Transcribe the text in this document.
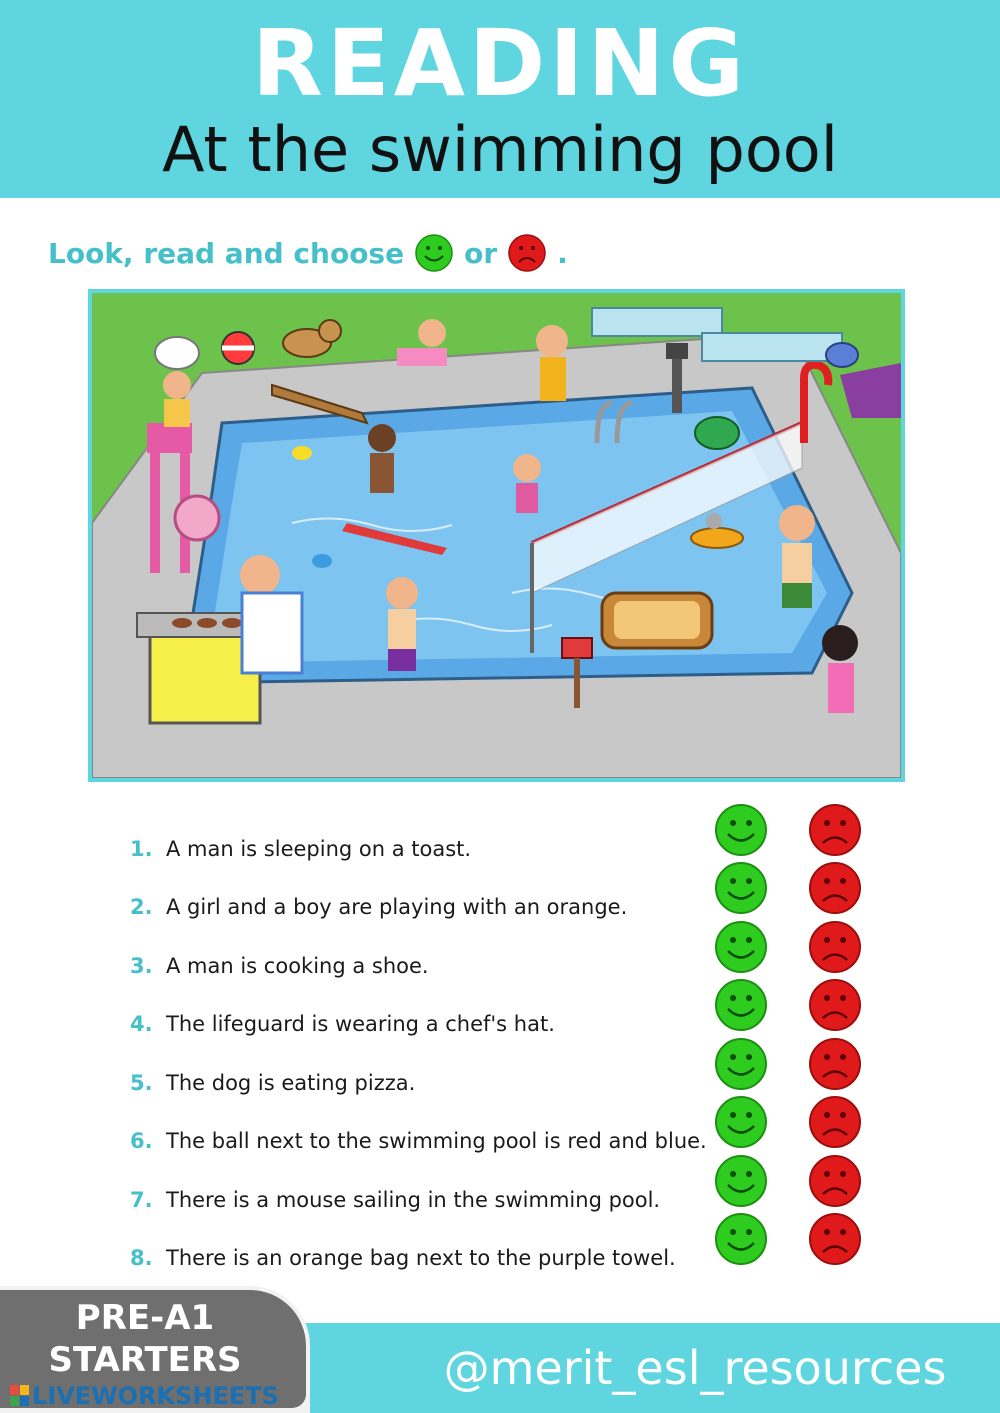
READING
At the swimming pool
Look, read and choose or .
1. A man is sleeping on a toast.
2. A girl and a boy are playing with an orange.
3. A man is cooking a shoe.
4. The lifeguard is wearing a chef's hat.
5. The dog is eating pizza.
6. The ball next to the swimming pool is red and blue.
7. There is a mouse sailing in the swimming pool.
8. There is an orange bag next to the purple towel.
@merit_esl_resources
PRE-A1
STARTERS
LIVEWORKSHEETS
